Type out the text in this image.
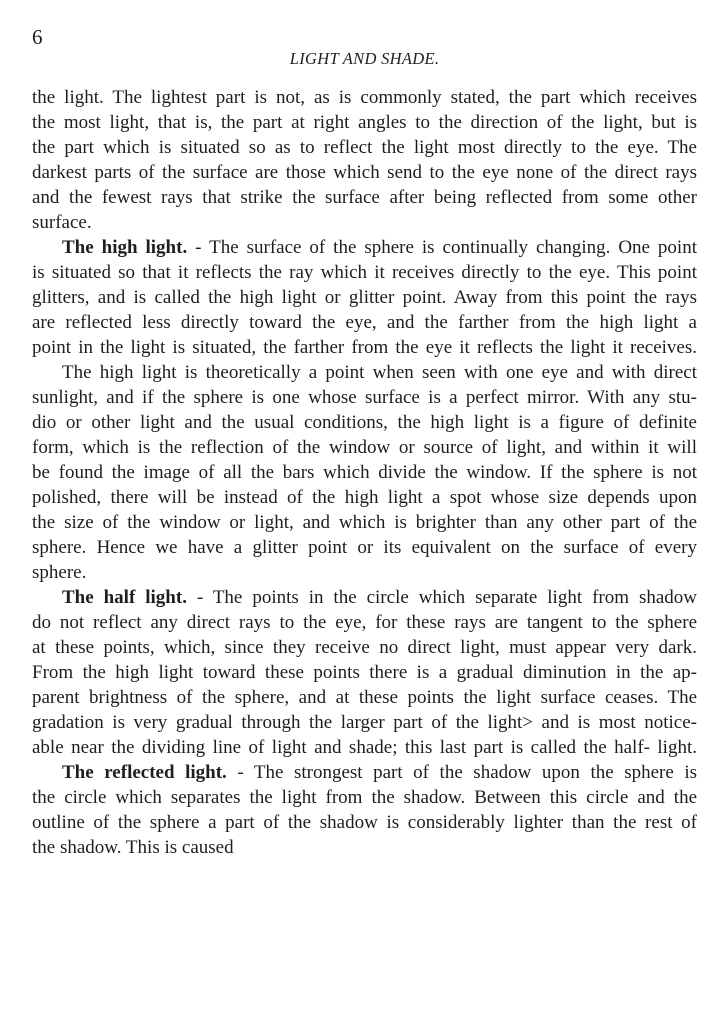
6
LIGHT AND SHADE.
the light. The lightest part is not, as is commonly stated, the part which receives
the most light, that is, the part at right angles to the direction of the light, but is
the part which is situated so as to reflect the light most directly to the eye. The
darkest parts of the surface are those which send to the eye none of the direct rays
and the fewest rays that strike the surface after being reflected from some other
surface.
The high light. - The surface of the sphere is continually changing. One point
is situated so that it reflects the ray which it receives directly to the eye. This point
glitters, and is called the high light or glitter point. Away from this point the rays
are reflected less directly toward the eye, and the farther from the high light a
point in the light is situated, the farther from the eye it reflects the light it receives.
The high light is theoretically a point when seen with one eye and with direct
sunlight, and if the sphere is one whose surface is a perfect mirror. With any stu-
dio or other light and the usual conditions, the high light is a figure of definite
form, which is the reflection of the window or source of light, and within it will
be found the image of all the bars which divide the window. If the sphere is not
polished, there will be instead of the high light a spot whose size depends upon
the size of the window or light, and which is brighter than any other part of the
sphere. Hence we have a glitter point or its equivalent on the surface of every
sphere.
The half light. - The points in the circle which separate light from shadow
do not reflect any direct rays to the eye, for these rays are tangent to the sphere
at these points, which, since they receive no direct light, must appear very dark.
From the high light toward these points there is a gradual diminution in the ap-
parent brightness of the sphere, and at these points the light surface ceases. The
gradation is very gradual through the larger part of the light> and is most notice-
able near the dividing line of light and shade; this last part is called the half- light.
The reflected light. - The strongest part of the shadow upon the sphere is
the circle which separates the light from the shadow. Between this circle and the
outline of the sphere a part of the shadow is considerably lighter than the rest of
the shadow. This is caused
